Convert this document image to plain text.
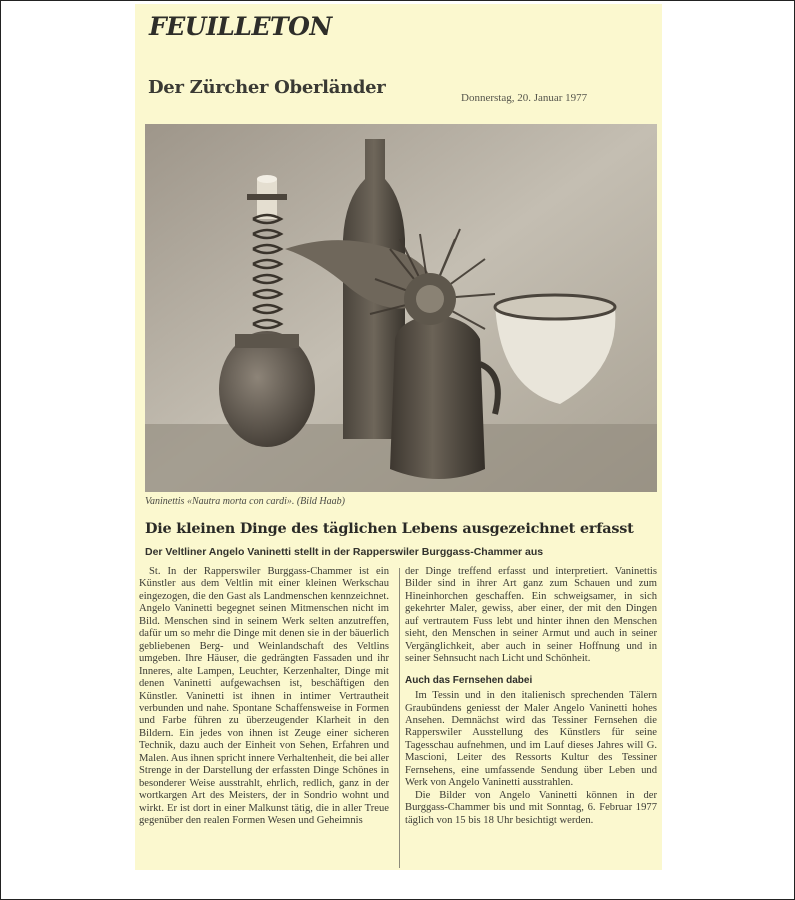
FEUILLETON
Der Zürcher Oberländer	Donnerstag, 20. Januar 1977
Vaninettis «Nautra morta con cardi». (Bild Haab)
Die kleinen Dinge des täglichen Lebens ausgezeichnet erfasst
Der Veltliner Angelo Vaninetti stellt in der Rapperswiler Burggass-Chammer aus

St. In der Rapperswiler Burggass-Chammer ist ein Künstler aus dem Veltlin mit einer kleinen Werkschau eingezogen, die den Gast als Landmenschen kennzeichnet. Angelo Vaninetti begegnet seinen Mitmenschen nicht im Bild. Menschen sind in seinem Werk selten anzutreffen, dafür um so mehr die Dinge mit denen sie in der bäuerlich gebliebenen Berg- und Weinlandschaft des Veltlins umgeben. Ihre Häuser, die gedrängten Fassaden und ihr Inneres, alte Lampen, Leuchter, Kerzenhalter, Dinge mit denen Vaninetti aufgewachsen ist, beschäftigen den Künstler. Vaninetti ist ihnen in intimer Vertrautheit verbunden und nahe. Spontane Schaffensweise in Formen und Farbe führen zu überzeugender Klarheit in den Bildern. Ein jedes von ihnen ist Zeuge einer sicheren Technik, dazu auch der Einheit von Sehen, Erfahren und Malen. Aus ihnen spricht innere Verhaltenheit, die bei aller Strenge in der Darstellung der erfassten Dinge Schönes in besonderer Weise ausstrahlt, ehrlich, redlich, ganz in der wortkargen Art des Meisters, der in Sondrio wohnt und wirkt. Er ist dort in einer Malkunst tätig, die in aller Treue gegenüber den realen Formen Wesen und Geheimnis

der Dinge treffend erfasst und interpretiert. Vaninettis Bilder sind in ihrer Art ganz zum Schauen und zum Hineinhorchen geschaffen. Ein schweigsamer, in sich gekehrter Maler, gewiss, aber einer, der mit den Dingen auf vertrautem Fuss lebt und hinter ihnen den Menschen sieht, den Menschen in seiner Armut und auch in seiner Vergänglichkeit, aber auch in seiner Hoffnung und in seiner Sehnsucht nach Licht und Schönheit.

Auch das Fernsehen dabei

Im Tessin und in den italienisch sprechenden Tälern Graubündens geniesst der Maler Angelo Vaninetti hohes Ansehen. Demnächst wird das Tessiner Fernsehen die Rapperswiler Ausstellung des Künstlers für seine Tagesschau aufnehmen, und im Lauf dieses Jahres will G. Mascioni, Leiter des Ressorts Kultur des Tessiner Fernsehens, eine umfassende Sendung über Leben und Werk von Angelo Vaninetti ausstrahlen.

Die Bilder von Angelo Vaninetti können in der Burggass-Chammer bis und mit Sonntag, 6. Februar 1977 täglich von 15 bis 18 Uhr besichtigt werden.
